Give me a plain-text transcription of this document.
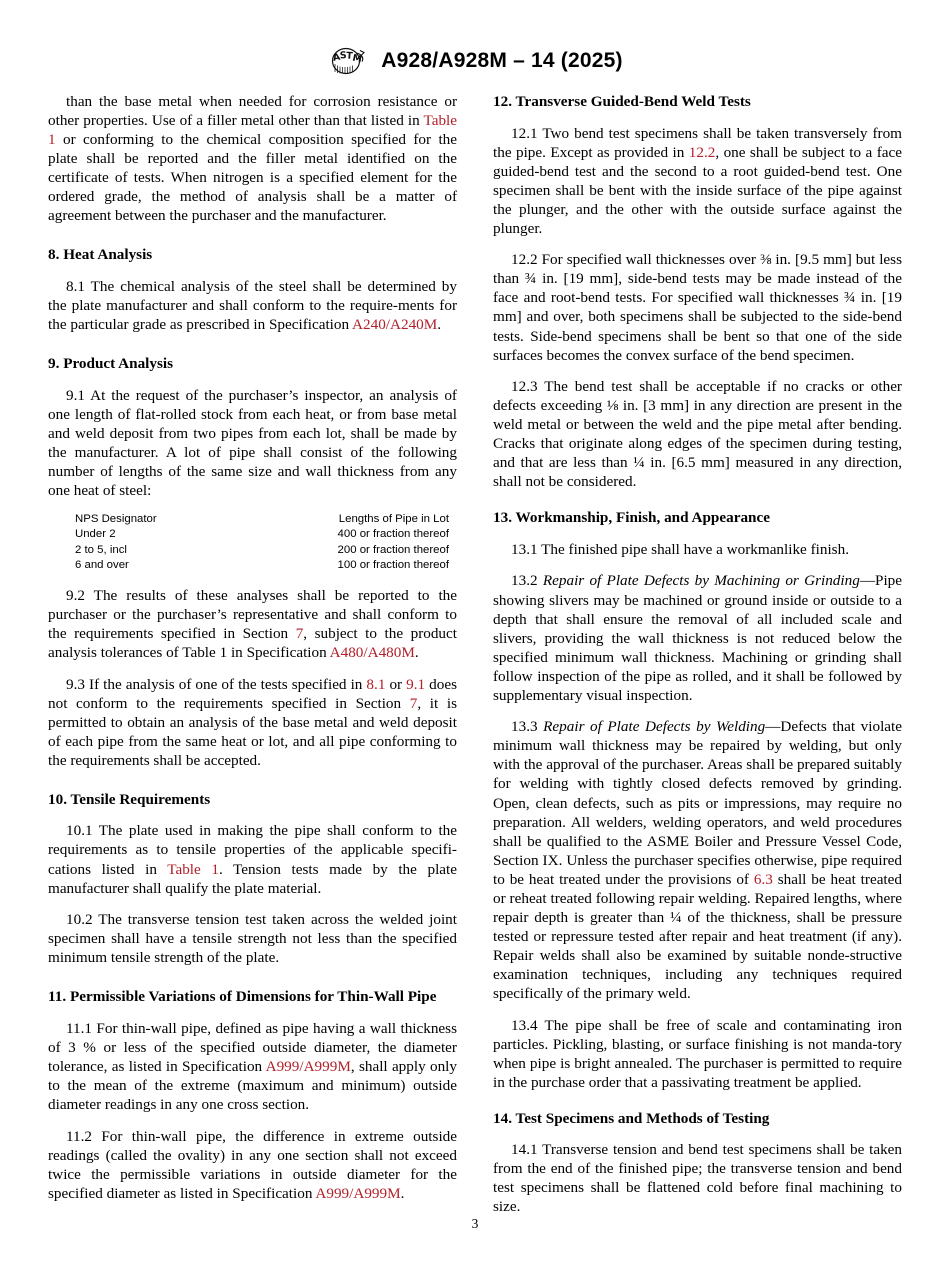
A
S
T
M A928/A928M – 14 (2025)

than the base metal when needed for corrosion resistance or other properties. Use of a filler metal other than that listed in Table 1 or conforming to the chemical composition specified for the plate shall be reported and the filler metal identified on the certificate of tests. When nitrogen is a specified element for the ordered grade, the method of analysis shall be a matter of agreement between the purchaser and the manufacturer.

8. Heat Analysis

8.1 The chemical analysis of the steel shall be determined by the plate manufacturer and shall conform to the require-ments for the particular grade as prescribed in Specification A240/A240M.

9. Product Analysis

9.1 At the request of the purchaser’s inspector, an analysis of one length of flat-rolled stock from each heat, or from base metal and weld deposit from two pipes from each lot, shall be made by the manufacturer. A lot of pipe shall consist of the following number of lengths of the same size and wall thickness from any one heat of steel:

NPS Designator	Lengths of Pipe in Lot
Under 2	400 or fraction thereof
2 to 5, incl	200 or fraction thereof
6 and over	100 or fraction thereof

9.2 The results of these analyses shall be reported to the purchaser or the purchaser’s representative and shall conform to the requirements specified in Section 7, subject to the product analysis tolerances of Table 1 in Specification A480/A480M.

9.3 If the analysis of one of the tests specified in 8.1 or 9.1 does not conform to the requirements specified in Section 7, it is permitted to obtain an analysis of the base metal and weld deposit of each pipe from the same heat or lot, and all pipe conforming to the requirements shall be accepted.

10. Tensile Requirements

10.1 The plate used in making the pipe shall conform to the requirements as to tensile properties of the applicable specifi-cations listed in Table 1. Tension tests made by the plate manufacturer shall qualify the plate material.

10.2 The transverse tension test taken across the welded joint specimen shall have a tensile strength not less than the specified minimum tensile strength of the plate.

11. Permissible Variations of Dimensions for Thin-Wall Pipe

11.1 For thin-wall pipe, defined as pipe having a wall thickness of 3 % or less of the specified outside diameter, the diameter tolerance, as listed in Specification A999/A999M, shall apply only to the mean of the extreme (maximum and minimum) outside diameter readings in any one cross section.

11.2 For thin-wall pipe, the difference in extreme outside readings (called the ovality) in any one section shall not exceed twice the permissible variations in outside diameter for the specified diameter as listed in Specification A999/A999M.

12. Transverse Guided-Bend Weld Tests

12.1 Two bend test specimens shall be taken transversely from the pipe. Except as provided in 12.2, one shall be subject to a face guided-bend test and the second to a root guided-bend test. One specimen shall be bent with the inside surface of the pipe against the plunger, and the other with the outside surface against the plunger.

12.2 For specified wall thicknesses over ⅜ in. [9.5 mm] but less than ¾ in. [19 mm], side-bend tests may be made instead of the face and root-bend tests. For specified wall thicknesses ¾ in. [19 mm] and over, both specimens shall be subjected to the side-bend tests. Side-bend specimens shall be bent so that one of the side surfaces becomes the convex surface of the bend specimen.

12.3 The bend test shall be acceptable if no cracks or other defects exceeding ⅛ in. [3 mm] in any direction are present in the weld metal or between the weld and the pipe metal after bending. Cracks that originate along edges of the specimen during testing, and that are less than ¼ in. [6.5 mm] measured in any direction, shall not be considered.

13. Workmanship, Finish, and Appearance

13.1 The finished pipe shall have a workmanlike finish.

13.2 Repair of Plate Defects by Machining or Grinding—Pipe showing slivers may be machined or ground inside or outside to a depth that shall ensure the removal of all included scale and slivers, providing the wall thickness is not reduced below the specified minimum wall thickness. Machining or grinding shall follow inspection of the pipe as rolled, and it shall be followed by supplementary visual inspection.

13.3 Repair of Plate Defects by Welding—Defects that violate minimum wall thickness may be repaired by welding, but only with the approval of the purchaser. Areas shall be prepared suitably for welding with tightly closed defects removed by grinding. Open, clean defects, such as pits or impressions, may require no preparation. All welders, welding operators, and weld procedures shall be qualified to the ASME Boiler and Pressure Vessel Code, Section IX. Unless the purchaser specifies otherwise, pipe required to be heat treated under the provisions of 6.3 shall be heat treated or reheat treated following repair welding. Repaired lengths, where repair depth is greater than ¼ of the thickness, shall be pressure tested or repressure tested after repair and heat treatment (if any). Repair welds shall also be examined by suitable nonde-structive examination techniques, including any techniques required specifically of the primary weld.

13.4 The pipe shall be free of scale and contaminating iron particles. Pickling, blasting, or surface finishing is not manda-tory when pipe is bright annealed. The purchaser is permitted to require in the purchase order that a passivating treatment be applied.

14. Test Specimens and Methods of Testing

14.1 Transverse tension and bend test specimens shall be taken from the end of the finished pipe; the transverse tension and bend test specimens shall be flattened cold before final machining to size.

3
